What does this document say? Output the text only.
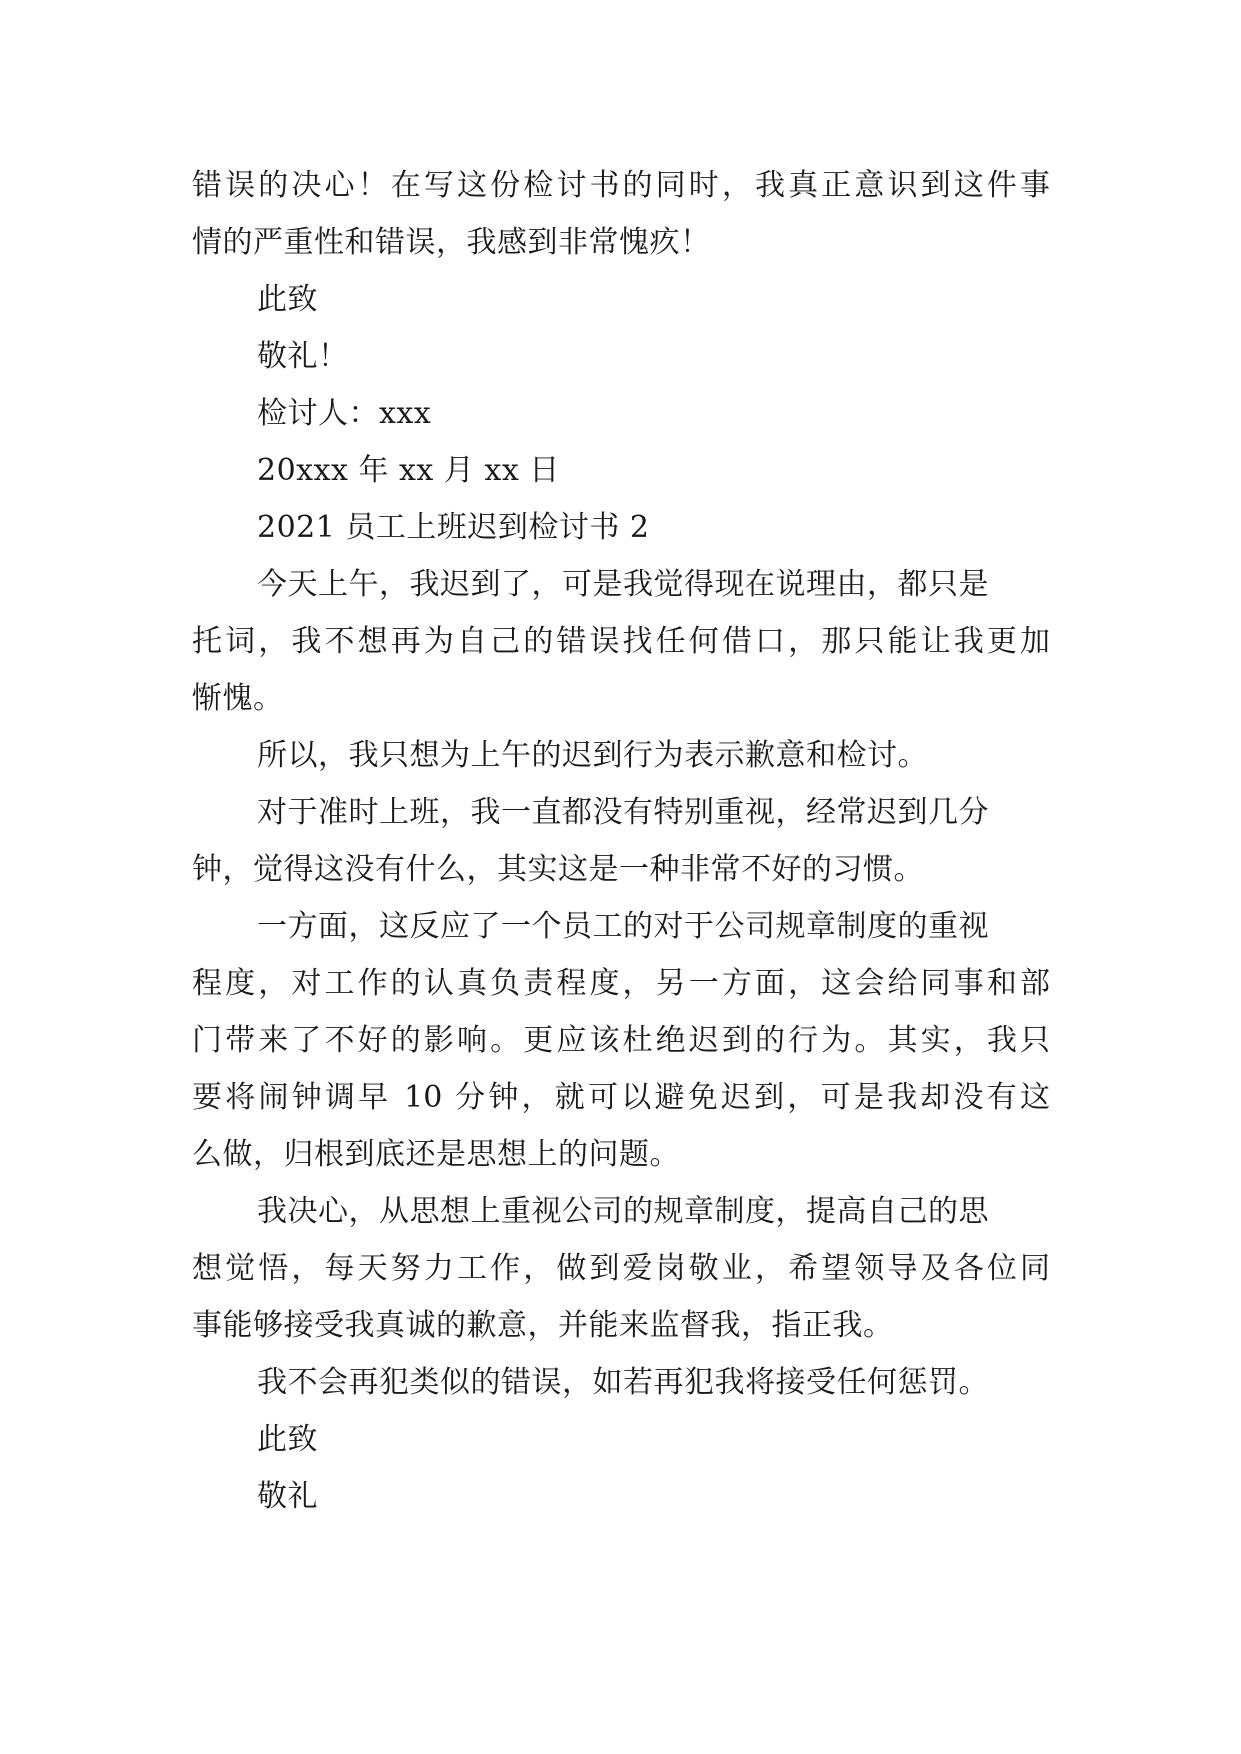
错误的决心！在写这份检讨书的同时，我真正意识到这件事
情的严重性和错误，我感到非常愧疚！
此致
敬礼！
检讨人：xxx
20xxx 年 xx 月 xx 日
2021 员工上班迟到检讨书 2
今天上午，我迟到了，可是我觉得现在说理由，都只是
托词，我不想再为自己的错误找任何借口，那只能让我更加
惭愧。
所以，我只想为上午的迟到行为表示歉意和检讨。
对于准时上班，我一直都没有特别重视，经常迟到几分
钟，觉得这没有什么，其实这是一种非常不好的习惯。
一方面，这反应了一个员工的对于公司规章制度的重视
程度，对工作的认真负责程度，另一方面，这会给同事和部
门带来了不好的影响。更应该杜绝迟到的行为。其实，我只
要将闹钟调早 10 分钟，就可以避免迟到，可是我却没有这
么做，归根到底还是思想上的问题。
我决心，从思想上重视公司的规章制度，提高自己的思
想觉悟，每天努力工作，做到爱岗敬业，希望领导及各位同
事能够接受我真诚的歉意，并能来监督我，指正我。
我不会再犯类似的错误，如若再犯我将接受任何惩罚。
此致
敬礼
